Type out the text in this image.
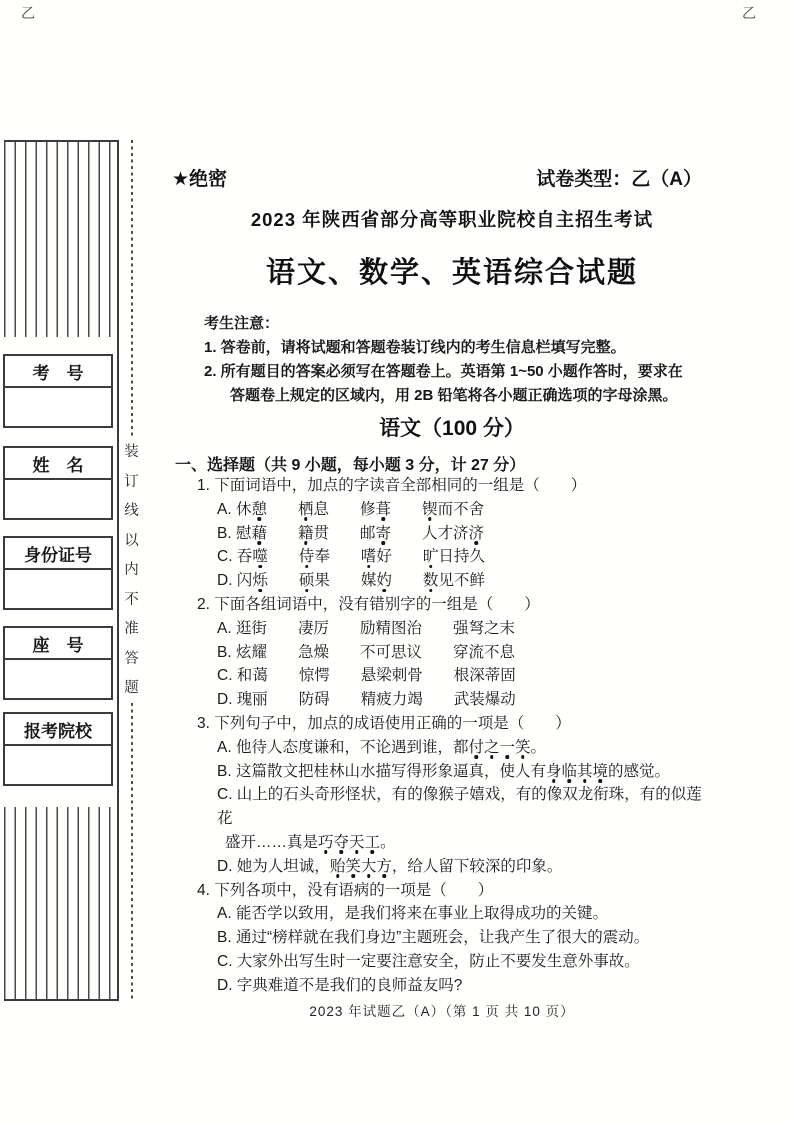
乙	乙
考　号
姓　名
身份证号
座　号
报考院校
装
订
线
以
内
不
准
答
题
★绝密	试卷类型：乙（A）
2023 年陕西省部分高等职业院校自主招生考试
语文、数学、英语综合试题
考生注意：
1. 答卷前，请将试题和答题卷装订线内的考生信息栏填写完整。
2. 所有题目的答案必须写在答题卷上。英语第 1~50 小题作答时，要求在
答题卷上规定的区域内，用 2B 铅笔将各小题正确选项的字母涂黑。
语文（100 分）
一、选择题（共 9 小题，每小题 3 分，计 27 分）
1. 下面词语中，加点的字读音全部相同的一组是（　　）
A. 休憩　　 栖息　　修葺　　 锲而不舍
B. 慰藉　　 籍贯　　邮寄　　人才济济
C. 吞噬　　 侍奉　　嗜好　　旷日持久
D. 闪烁　　 硕果　　媒妁　　 数见不鲜
2. 下面各组词语中，没有错别字的一组是（　　）
A. 逛街　　凄厉　　励精图治　　强弩之末
B. 炫耀　　急燥　　不可思议　　穿流不息
C. 和蔼　　惊愕　　悬梁刺骨　　根深蒂固
D. 瑰丽　　防碍　　精疲力竭　　武装爆动
3. 下列句子中，加点的成语使用正确的一项是（　　）
A. 他待人态度谦和，不论遇到谁，都付之一笑。
B. 这篇散文把桂林山水描写得形象逼真，使人有身临其境的感觉。
C. 山上的石头奇形怪状，有的像猴子嬉戏，有的像双龙衔珠，有的似莲花
盛开……真是巧夺天工。
D. 她为人坦诚，贻笑大方，给人留下较深的印象。
4. 下列各项中，没有语病的一项是（　　）
A. 能否学以致用，是我们将来在事业上取得成功的关键。
B. 通过“榜样就在我们身边”主题班会，让我产生了很大的震动。
C. 大家外出写生时一定要注意安全，防止不要发生意外事故。
D. 字典难道不是我们的良师益友吗?
2023 年试题乙（A）（第 1 页 共 10 页）
